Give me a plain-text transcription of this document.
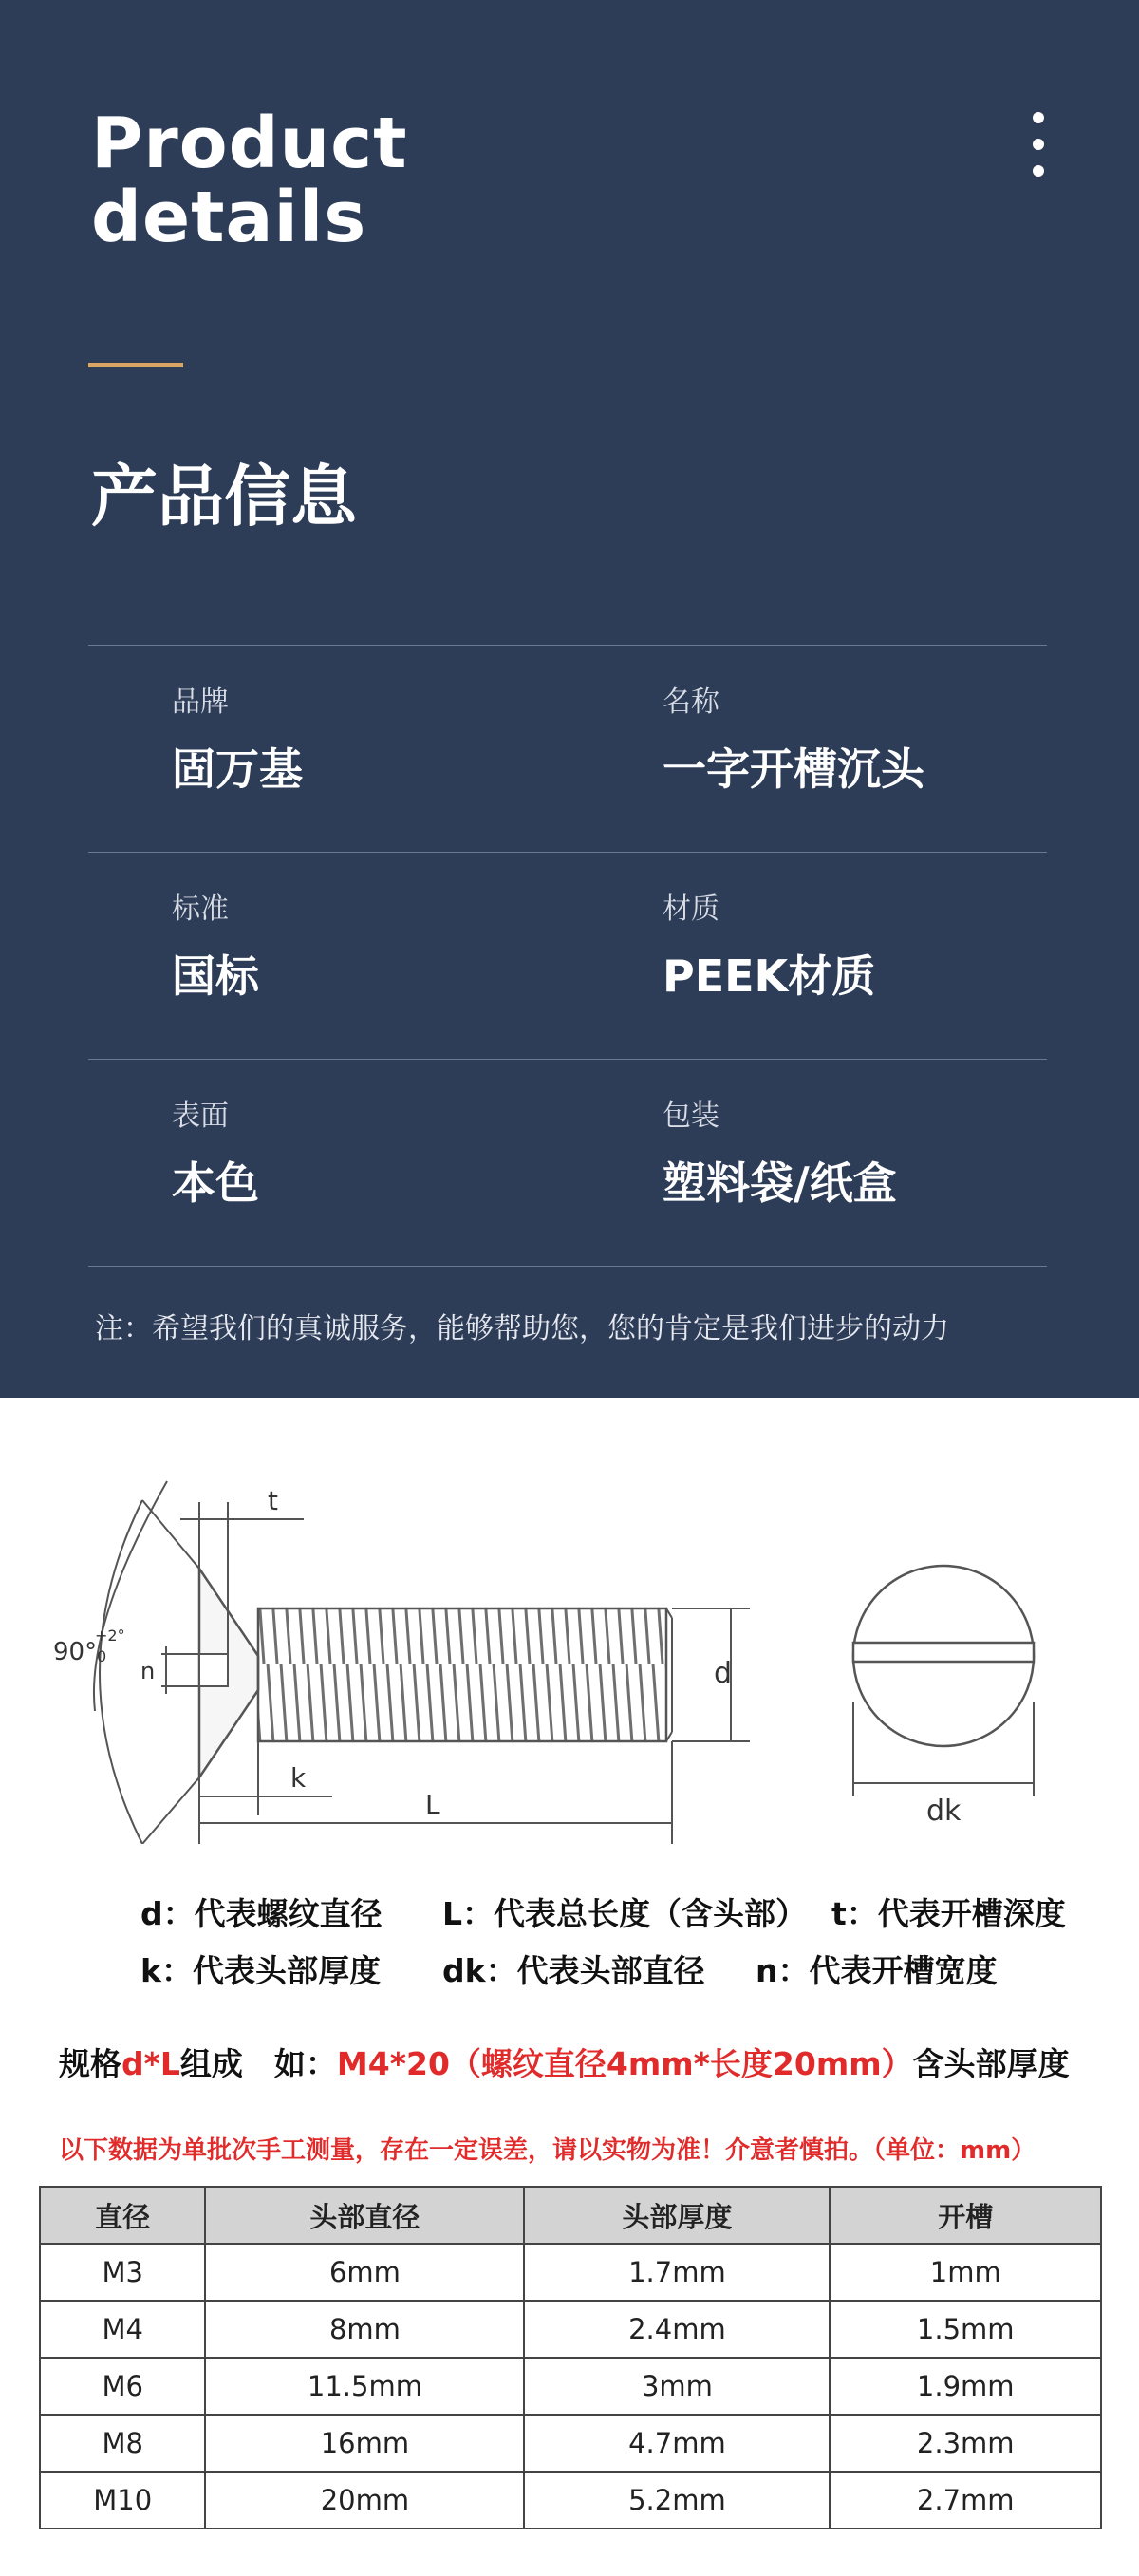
Product
details
产品信息
品牌
固万基
名称
一字开槽沉头
标准
国标
材质
PEEK材质
表面
本色
包装
塑料袋/纸盒
注：希望我们的真诚服务，能够帮助您，您的肯定是我们进步的动力
90°
+2°
0
t
n
k
L
d
dk
d：代表螺纹直径 L：代表总长度（含头部） t：代表开槽深度
k：代表头部厚度 dk：代表头部直径 n：代表开槽宽度
规格d*L组成　如：M4*20（螺纹直径4mm*长度20mm）含头部厚度
以下数据为单批次手工测量，存在一定误差，请以实物为准！介意者慎拍。（单位：mm）
直径	头部直径	头部厚度	开槽
M3	6mm	1.7mm	1mm
M4	8mm	2.4mm	1.5mm
M6	11.5mm	3mm	1.9mm
M8	16mm	4.7mm	2.3mm
M10	20mm	5.2mm	2.7mm
